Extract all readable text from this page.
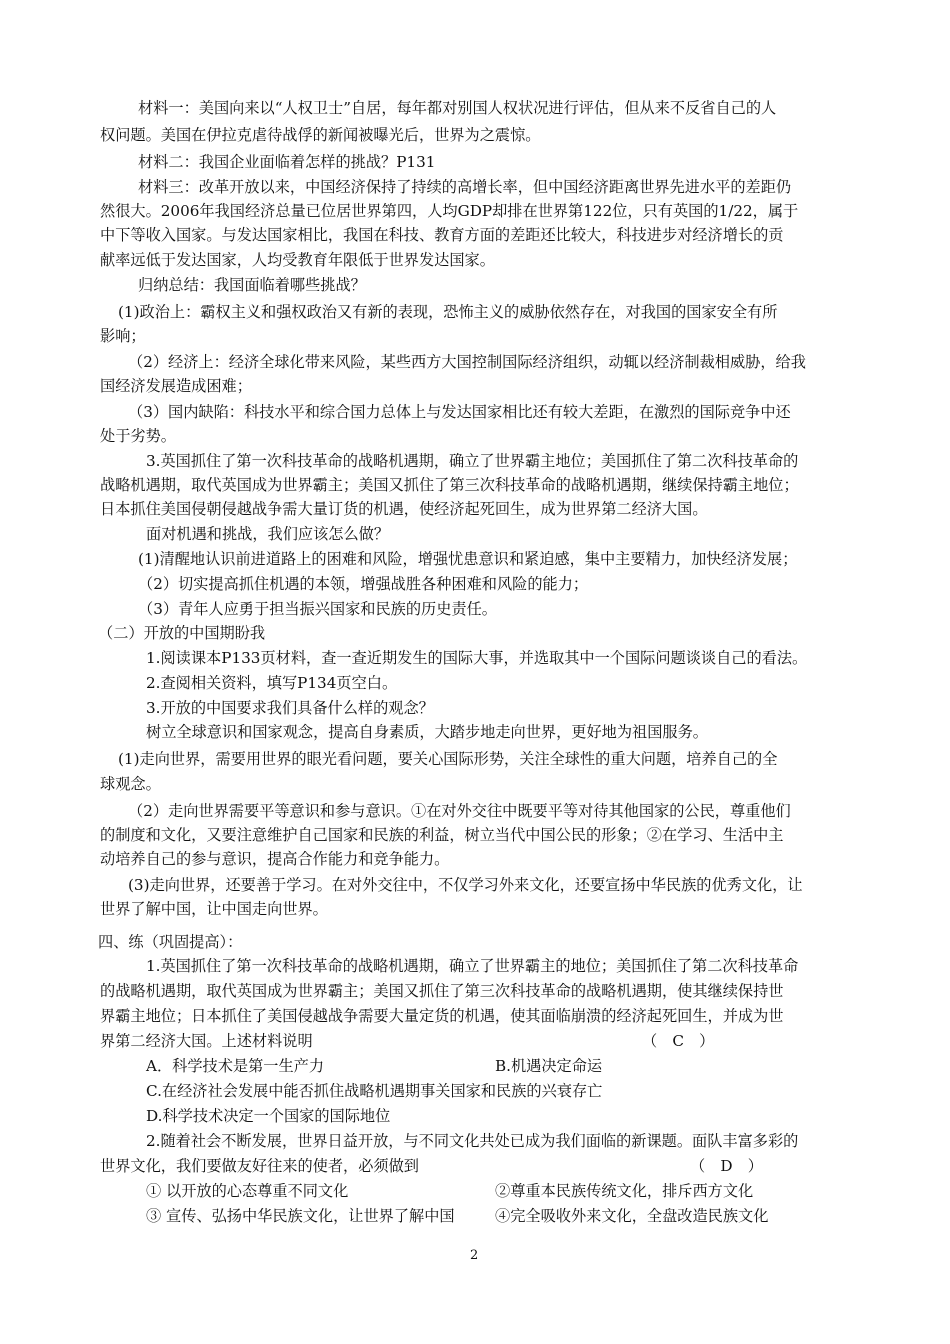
材料一：美国向来以“人权卫士”自居，每年都对别国人权状况进行评估，但从来不反省自己的人
权问题。美国在伊拉克虐待战俘的新闻被曝光后，世界为之震惊。
材料二：我国企业面临着怎样的挑战？P131
材料三：改革开放以来，中国经济保持了持续的高增长率，但中国经济距离世界先进水平的差距仍
然很大。2006年我国经济总量已位居世界第四，人均GDP却排在世界第122位，只有英国的1/22，属于
中下等收入国家。与发达国家相比，我国在科技、教育方面的差距还比较大，科技进步对经济增长的贡
献率远低于发达国家，人均受教育年限低于世界发达国家。
归纳总结：我国面临着哪些挑战？
(1)政治上：霸权主义和强权政治又有新的表现，恐怖主义的威胁依然存在，对我国的国家安全有所
影响；
（2）经济上：经济全球化带来风险，某些西方大国控制国际经济组织，动辄以经济制裁相威胁，给我
国经济发展造成困难；
（3）国内缺陷：科技水平和综合国力总体上与发达国家相比还有较大差距，在激烈的国际竞争中还
处于劣势。
3.英国抓住了第一次科技革命的战略机遇期，确立了世界霸主地位；美国抓住了第二次科技革命的
战略机遇期，取代英国成为世界霸主；美国又抓住了第三次科技革命的战略机遇期，继续保持霸主地位；
日本抓住美国侵朝侵越战争需大量订货的机遇，使经济起死回生，成为世界第二经济大国。
面对机遇和挑战，我们应该怎么做？
(1)清醒地认识前进道路上的困难和风险，增强忧患意识和紧迫感，集中主要精力，加快经济发展；
（2）切实提高抓住机遇的本领，增强战胜各种困难和风险的能力；
（3）青年人应勇于担当振兴国家和民族的历史责任。
（二）开放的中国期盼我
1.阅读课本P133页材料，查一查近期发生的国际大事，并选取其中一个国际问题谈谈自己的看法。
2.查阅相关资料，填写P134页空白。
3.开放的中国要求我们具备什么样的观念？
树立全球意识和国家观念，提高自身素质，大踏步地走向世界，更好地为祖国服务。
(1)走向世界，需要用世界的眼光看问题，要关心国际形势，关注全球性的重大问题，培养自己的全
球观念。
（2）走向世界需要平等意识和参与意识。①在对外交往中既要平等对待其他国家的公民，尊重他们
的制度和文化，又要注意维护自己国家和民族的利益，树立当代中国公民的形象；②在学习、生活中主
动培养自己的参与意识，提高合作能力和竞争能力。
(3)走向世界，还要善于学习。在对外交往中，不仅学习外来文化，还要宣扬中华民族的优秀文化，让
世界了解中国，让中国走向世界。
四、练（巩固提高）：
1.英国抓住了第一次科技革命的战略机遇期，确立了世界霸主的地位；美国抓住了第二次科技革命
的战略机遇期，取代英国成为世界霸主；美国又抓住了第三次科技革命的战略机遇期，使其继续保持世
界霸主地位；日本抓住了美国侵越战争需要大量定货的机遇，使其面临崩溃的经济起死回生，并成为世
界第二经济大国。上述材料说明	（　C　）
A．科学技术是第一生产力	B.机遇决定命运
C.在经济社会发展中能否抓住战略机遇期事关国家和民族的兴衰存亡
D.科学技术决定一个国家的国际地位
2.随着社会不断发展，世界日益开放，与不同文化共处已成为我们面临的新课题。面队丰富多彩的
世界文化，我们要做友好往来的使者，必须做到	（　D　）
① 以开放的心态尊重不同文化	②尊重本民族传统文化，排斥西方文化
③ 宣传、弘扬中华民族文化，让世界了解中国	④完全吸收外来文化，全盘改造民族文化
2
